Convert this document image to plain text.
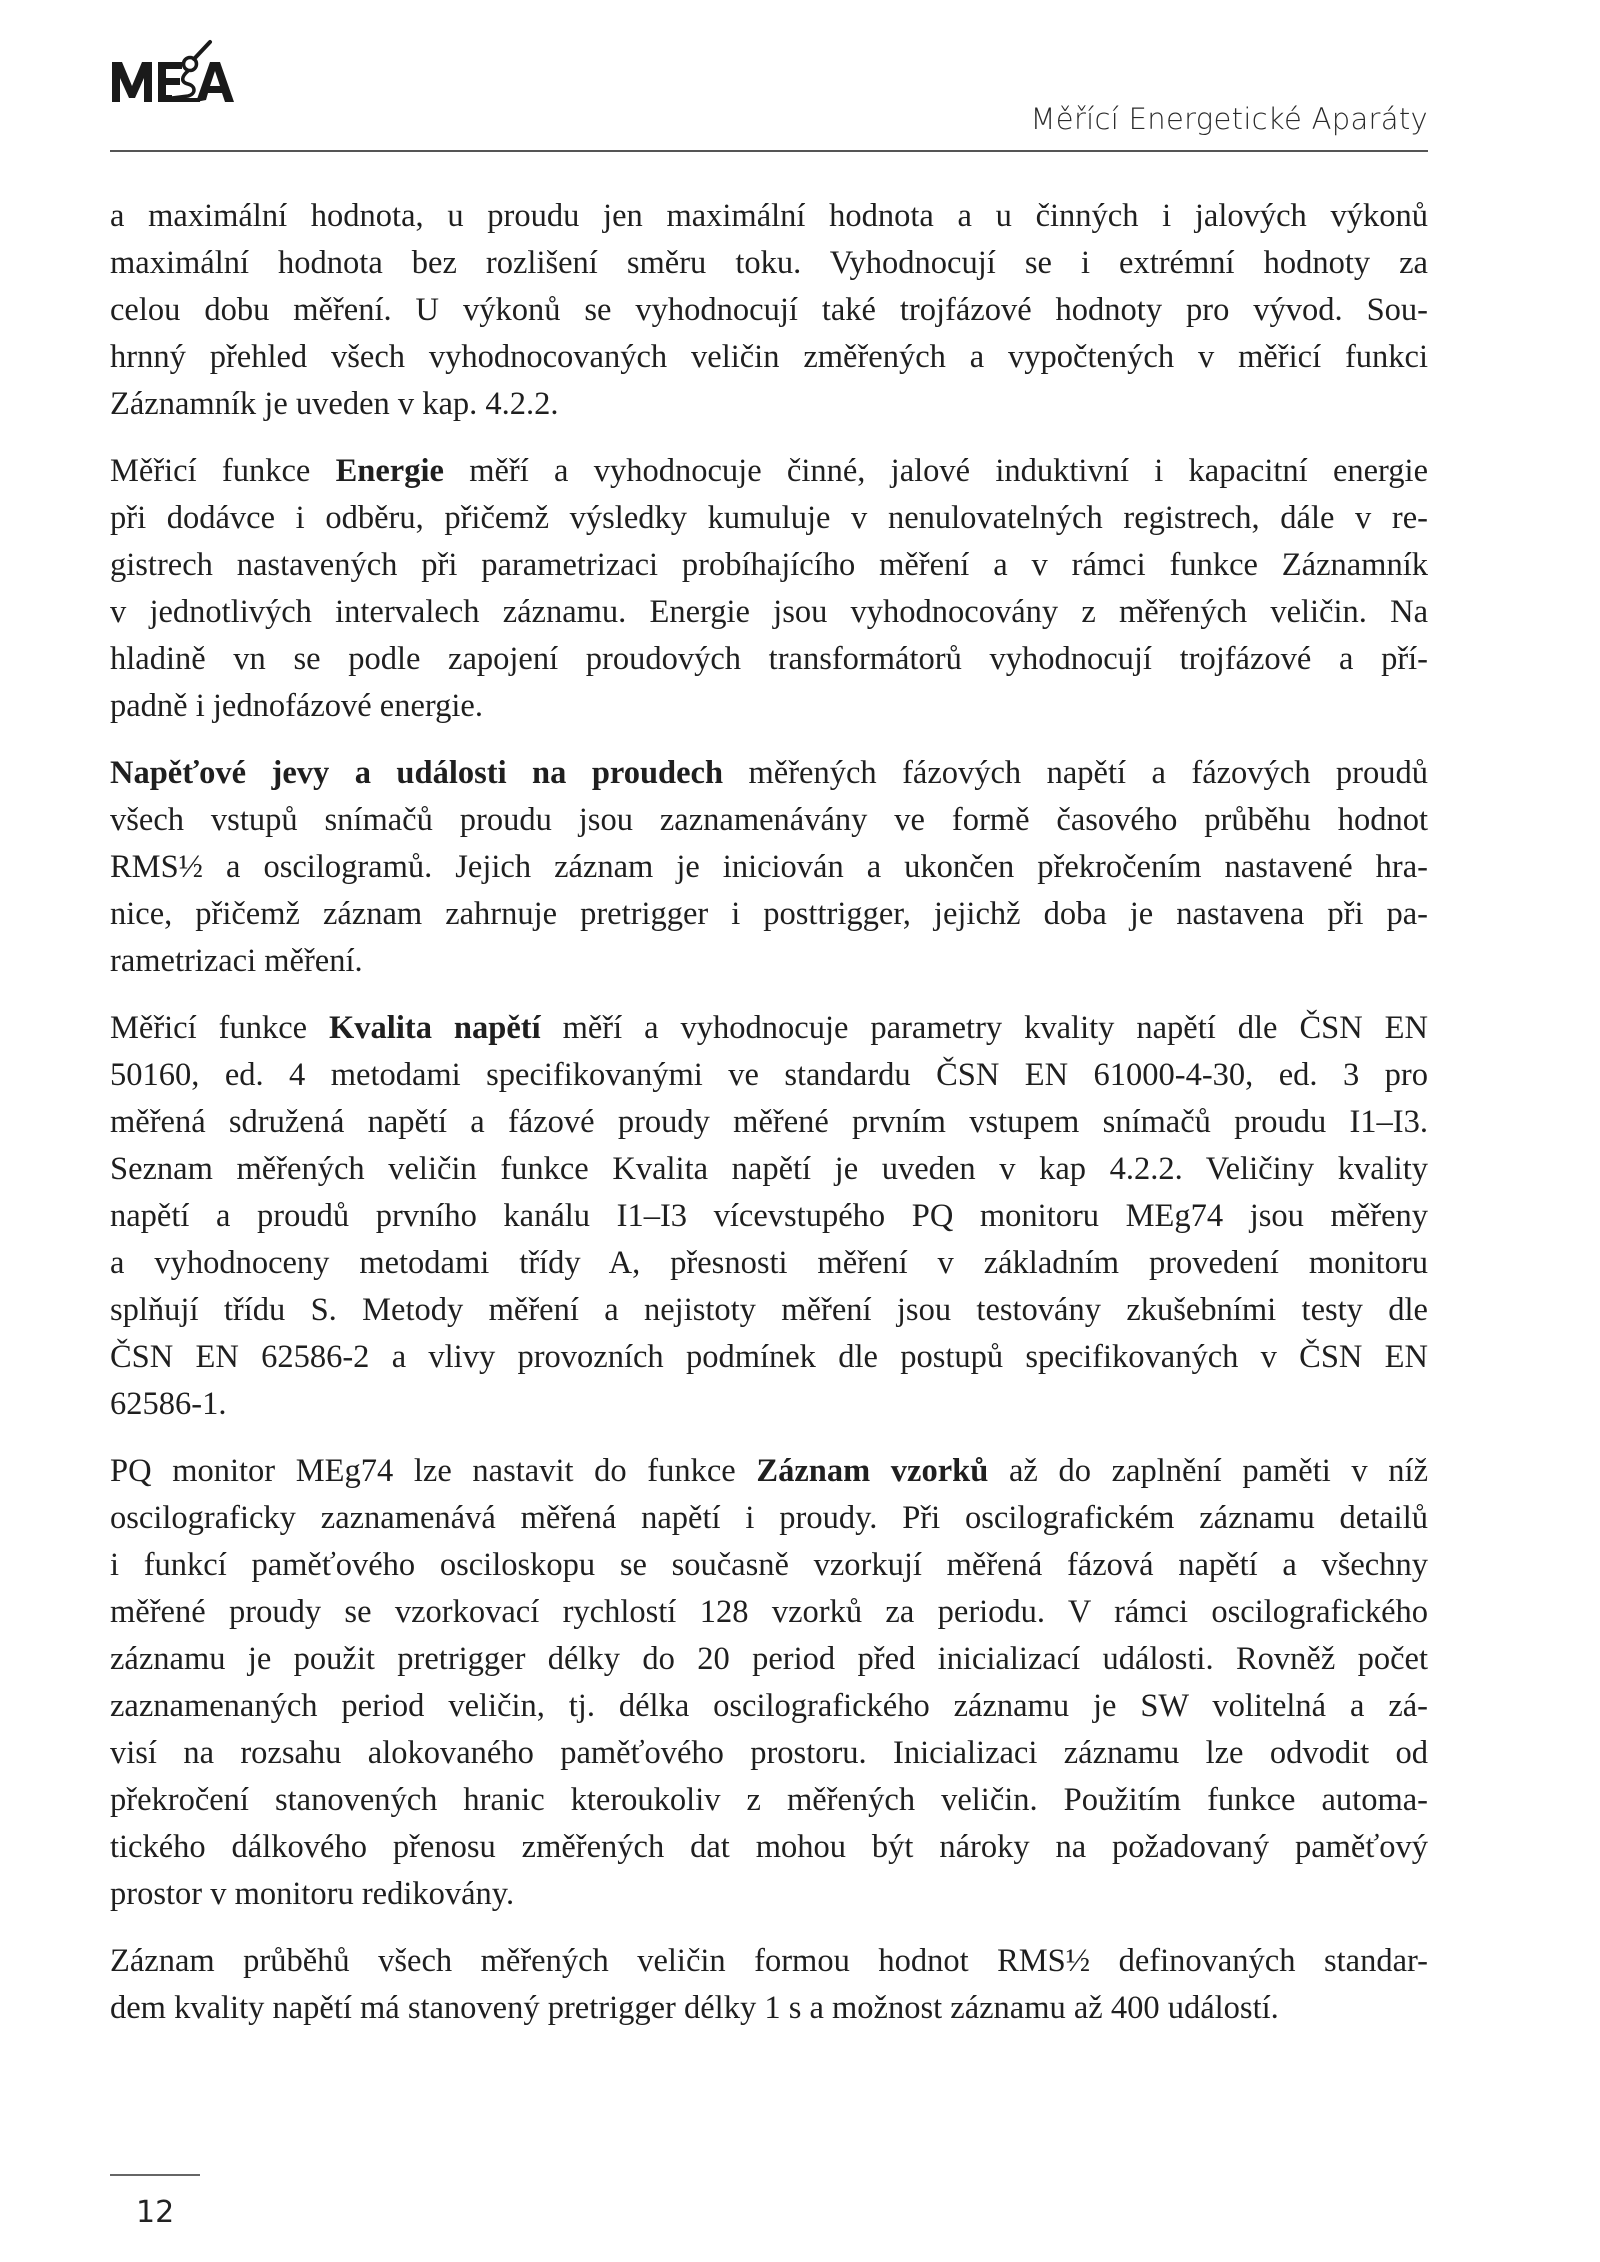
Měřící Energetické Aparáty
a maximální hodnota, u proudu jen maximální hodnota a u činných i jalových výkonů
maximální hodnota bez rozlišení směru toku. Vyhodnocují se i extrémní hodnoty za
celou dobu měření. U výkonů se vyhodnocují také trojfázové hodnoty pro vývod. Sou-
hrnný přehled všech vyhodnocovaných veličin změřených a vypočtených v měřicí funkci
Záznamník je uveden v kap. 4.2.2.
Měřicí funkce Energie měří a vyhodnocuje činné, jalové induktivní i kapacitní energie
při dodávce i odběru, přičemž výsledky kumuluje v nenulovatelných registrech, dále v re-
gistrech nastavených při parametrizaci probíhajícího měření a v rámci funkce Záznamník
v jednotlivých intervalech záznamu. Energie jsou vyhodnocovány z měřených veličin. Na
hladině vn se podle zapojení proudových transformátorů vyhodnocují trojfázové a pří-
padně i jednofázové energie.
Napěťové jevy a události na proudech měřených fázových napětí a fázových proudů
všech vstupů snímačů proudu jsou zaznamenávány ve formě časového průběhu hodnot
RMS½ a oscilogramů. Jejich záznam je iniciován a ukončen překročením nastavené hra-
nice, přičemž záznam zahrnuje pretrigger i posttrigger, jejichž doba je nastavena při pa-
rametrizaci měření.
Měřicí funkce Kvalita napětí měří a vyhodnocuje parametry kvality napětí dle ČSN EN
50160, ed. 4 metodami specifikovanými ve standardu ČSN EN 61000-4-30, ed. 3 pro
měřená sdružená napětí a fázové proudy měřené prvním vstupem snímačů proudu I1–I3.
Seznam měřených veličin funkce Kvalita napětí je uveden v kap 4.2.2. Veličiny kvality
napětí a proudů prvního kanálu I1–I3 vícevstupého PQ monitoru MEg74 jsou měřeny
a vyhodnoceny metodami třídy A, přesnosti měření v základním provedení monitoru
splňují třídu S. Metody měření a nejistoty měření jsou testovány zkušebními testy dle
ČSN EN 62586-2 a vlivy provozních podmínek dle postupů specifikovaných v ČSN EN
62586-1.
PQ monitor MEg74 lze nastavit do funkce Záznam vzorků až do zaplnění paměti v níž
oscilograficky zaznamenává měřená napětí i proudy. Při oscilografickém záznamu detailů
i funkcí paměťového osciloskopu se současně vzorkují měřená fázová napětí a všechny
měřené proudy se vzorkovací rychlostí 128 vzorků za periodu. V rámci oscilografického
záznamu je použit pretrigger délky do 20 period před inicializací události. Rovněž počet
zaznamenaných period veličin, tj. délka oscilografického záznamu je SW volitelná a zá-
visí na rozsahu alokovaného paměťového prostoru. Inicializaci záznamu lze odvodit od
překročení stanovených hranic kteroukoliv z měřených veličin. Použitím funkce automa-
tického dálkového přenosu změřených dat mohou být nároky na požadovaný paměťový
prostor v monitoru redikovány.
Záznam průběhů všech měřených veličin formou hodnot RMS½ definovaných standar-
dem kvality napětí má stanovený pretrigger délky 1 s a možnost záznamu až 400 událostí.
12
